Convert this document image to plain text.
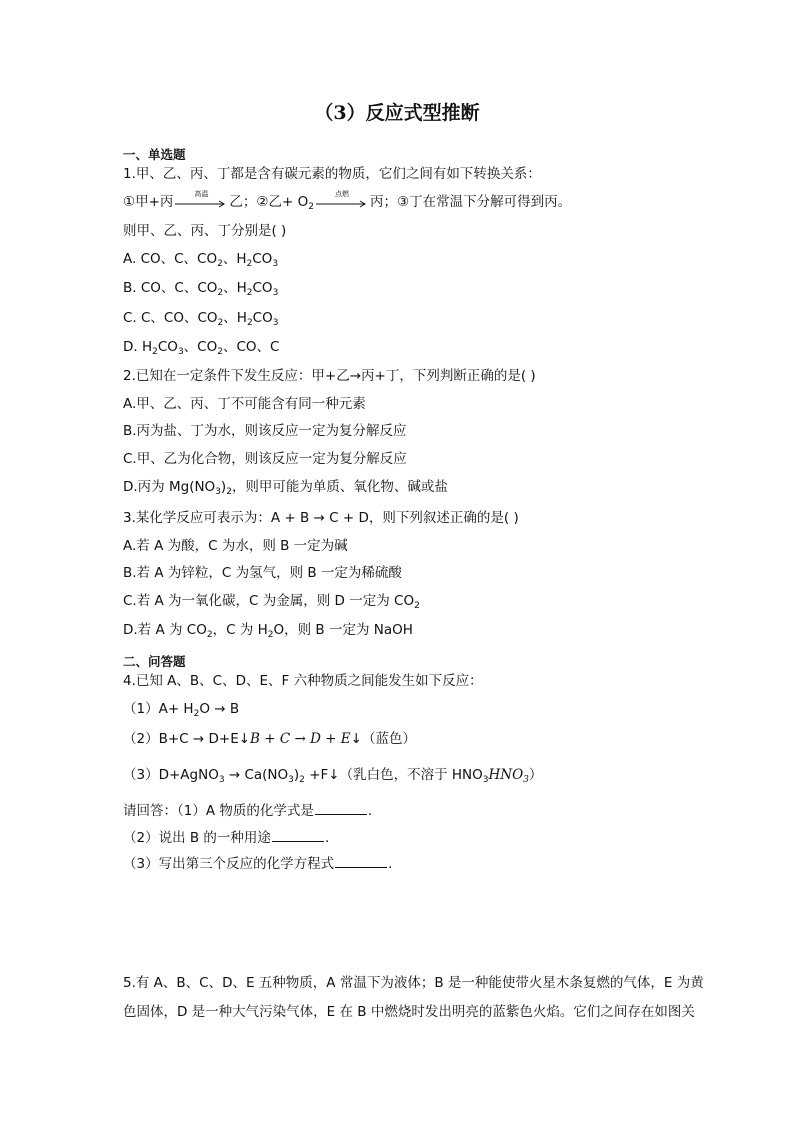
（3）反应式型推断
一、单选题
1.甲、乙、丙、丁都是含有碳元素的物质，它们之间有如下转换关系：
①甲+丙	高温	乙；②乙+ $O_2$
点燃	丙；③丁在常温下分解可得到丙。
则甲、乙、丙、丁分别是( )
A. CO、C、$CO_2$、$H_2CO_3$
B. CO、C、$CO_2$、$H_2CO_3$
C. C、CO、$CO_2$、$H_2CO_3$
D. $H_2CO_3$、$CO_2$、CO、C
2.已知在一定条件下发生反应：甲+乙→丙+丁，下列判断正确的是( )
A.甲、乙、丙、丁不可能含有同一种元素
B.丙为盐、丁为水，则该反应一定为复分解反应
C.甲、乙为化合物，则该反应一定为复分解反应
D.丙为 $Mg(NO_3)_2$，则甲可能为单质、氧化物、碱或盐
3.某化学反应可表示为：A + B → C + D，则下列叙述正确的是( )
A.若 A 为酸，C 为水，则 B 一定为碱
B.若 A 为锌粒，C 为氢气，则 B 一定为稀硫酸
C.若 A 为一氧化碳，C 为金属，则 D 一定为 $CO_2$
D.若 A 为 $CO_2$，C 为 $H_2O$，则 B 一定为 NaOH
二、问答题
4.已知 A、B、C、D、E、F 六种物质之间能发生如下反应：
$(1)A+ H_2O \to B$
（2）B+C → D+E↓B + C → D + E↓（蓝色）
（3）D+AgNO$_3$ → $Ca(NO_3)_2$ +F↓（乳白色，不溶于 $HNO_3HNO_3$）
请回答：（1）A 物质的化学式是	.
（2）说出 B 的一种用途	.
（3）写出第三个反应的化学方程式	.
5.有 A、B、C、D、E 五种物质，A 常温下为液体；B 是一种能使带火星木条复燃的气体，E 为黄
色固体，D 是一种大气污染气体，E 在 B 中燃烧时发出明亮的蓝紫色火焰。它们之间存在如图关
